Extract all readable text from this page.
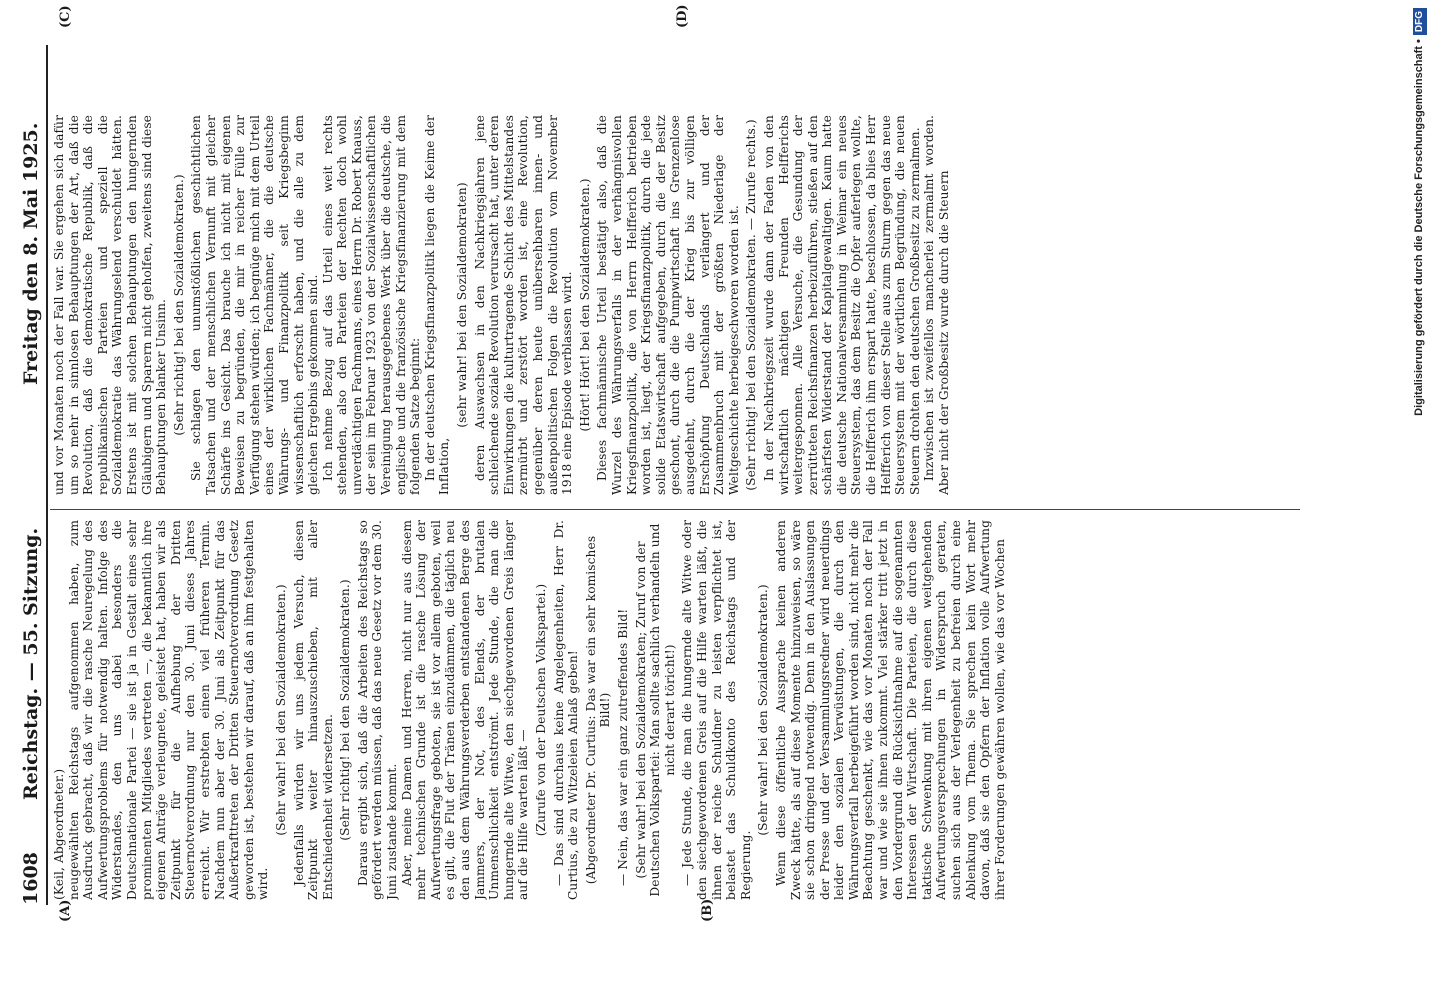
1608
Reichstag. — 55. Sitzung.
Freitag den 8. Mai 1925.
(A)	(B)
(C)	(D)

(Keil, Abgeordneter.) neugewählten Reichstags aufgenommen haben, zum Ausdruck gebracht, daß wir die rasche Neuregelung des Aufwertungsproblems für notwendig halten. Infolge des Widerstandes, den uns dabei besonders die Deutschnationale Partei — sie ist ja in Gestalt eines sehr prominenten Mitgliedes vertreten —, die bekanntlich ihre eigenen Anträge verleugnete, geleistet hat, haben wir als Zeitpunkt für die Aufhebung der Dritten Steuernotverordnung nur den 30. Juni dieses Jahres erreicht. Wir erstrebten einen viel früheren Termin. Nachdem nun aber der 30. Juni als Zeitpunkt für das Außerkrafttreten der Dritten Steuernotverordnung Gesetz geworden ist, bestehen wir darauf, daß an ihm festgehalten wird.

(Sehr wahr! bei den Sozialdemokraten.) Jedenfalls würden wir uns jedem Versuch, diesen Zeitpunkt weiter hinauszuschieben, mit aller Entschiedenheit widersetzen. (Sehr richtig! bei den Sozialdemokraten.) Daraus ergibt sich, daß die Arbeiten des Reichstags so gefördert werden müssen, daß das neue Gesetz vor dem 30. Juni zustande kommt. Aber, meine Damen und Herren, nicht nur aus diesem mehr technischen Grunde ist die rasche Lösung der Aufwertungsfrage geboten, sie ist vor allem geboten, weil es gilt, die Flut der Tränen einzudämmen, die täglich neu den aus dem Währungsverderben entstandenen Berge des Jammers, der Not, des Elends, der brutalen Unmenschlichkeit entströmt. Jede Stunde, die man die hungernde alte Witwe, den siechgewordenen Greis länger auf die Hilfe warten läßt — (Zurufe von der Deutschen Volkspartei.) — Das sind durchaus keine Angelegenheiten, Herr Dr. Curtius, die zu Witzeleien Anlaß geben! (Abgeordneter Dr. Curtius: Das war ein sehr komisches Bild!) — Nein, das war ein ganz zutreffendes Bild! (Sehr wahr! bei den Sozialdemokraten; Zuruf von der Deutschen Volkspartei: Man sollte sachlich verhandeln und nicht derart töricht!) — Jede Stunde, die man die hungernde alte Witwe oder den siechgewordenen Greis auf die Hilfe warten läßt, die ihnen der reiche Schuldner zu leisten verpflichtet ist, belastet das Schuldkonto des Reichstags und der Regierung.

(Sehr wahr! bei den Sozialdemokraten.) Wenn diese öffentliche Aussprache keinen anderen Zweck hätte, als auf diese Momente hinzuweisen, so wäre sie schon dringend notwendig. Denn in den Auslassungen der Presse und der Versammlungsredner wird neuerdings leider den sozialen Verwüstungen, die durch den Währungsverfall herbeigeführt worden sind, nicht mehr die Beachtung geschenkt, wie das vor Monaten noch der Fall war und wie sie ihnen zukommt. Viel stärker tritt jetzt in den Vordergrund die Rücksichtnahme auf die sogenannten Interessen der Wirtschaft. Die Parteien, die durch diese taktische Schwenkung mit ihren eigenen weitgehenden Aufwertungsversprechungen in Widerspruch geraten, suchen sich aus der Verlegenheit zu befreien durch eine Ablenkung vom Thema. Sie sprechen kein Wort mehr davon, daß sie den Opfern der Inflation volle Aufwertung ihrer Forderungen gewähren wollen, wie das vor Wochen

und vor Monaten noch der Fall war. Sie ergehen sich dafür um so mehr in sinnlosen Behauptungen der Art, daß die Revolution, daß die demokratische Republik, daß die republikanischen Parteien und speziell die Sozialdemokratie das Währungselend verschuldet hätten. Erstens ist mit solchen Behauptungen den hungernden Gläubigern und Sparern nicht geholfen, zweitens sind diese Behauptungen blanker Unsinn. (Sehr richtig! bei den Sozialdemokraten.) Sie schlagen den unumstößlichen geschichtlichen Tatsachen und der menschlichen Vernunft mit gleicher Schärfe ins Gesicht. Das brauche ich nicht mit eigenen Beweisen zu begründen, die mir in reicher Fülle zur Verfügung stehen würden; ich begnüge mich mit dem Urteil eines der wirklichen Fachmänner, die die deutsche Währungs- und Finanzpolitik seit Kriegsbeginn wissenschaftlich erforscht haben, und die alle zu dem gleichen Ergebnis gekommen sind. Ich nehme Bezug auf das Urteil eines weit rechts stehenden, also den Parteien der Rechten doch wohl unverdächtigen Fachmanns, eines Herrn Dr. Robert Knauss, der sein im Februar 1923 von der Sozialwissenschaftlichen Vereinigung herausgegebenes Werk über die deutsche, die englische und die französische Kriegsfinanzierung mit dem folgenden Satze beginnt: In der deutschen Kriegsfinanzpolitik liegen die Keime der Inflation,

(sehr wahr! bei den Sozialdemokraten) deren Auswachsen in den Nachkriegsjahren jene schleichende soziale Revolution verursacht hat, unter deren Einwirkungen die kulturtragende Schicht des Mittelstandes zermürbt und zerstört worden ist, eine Revolution, gegenüber deren heute unübersehbaren innen- und außenpolitischen Folgen die Revolution vom November 1918 eine Episode verblassen wird. (Hört! Hört! bei den Sozialdemokraten.) Dieses fachmännische Urteil bestätigt also, daß die Wurzel des Währungsverfalls in der verhängnisvollen Kriegsfinanzpolitik, die von Herrn Helfferich betrieben worden ist, liegt, der Kriegsfinanzpolitik, durch die jede solide Etatswirtschaft aufgegeben, durch die der Besitz geschont, durch die die Pumpwirtschaft ins Grenzenlose ausgedehnt, durch die der Krieg bis zur völligen Erschöpfung Deutschlands verlängert und der Zusammenbruch mit der größten Niederlage der Weltgeschichte herbeigeschworen worden ist. (Sehr richtig! bei den Sozialdemokraten. — Zurufe rechts.) In der Nachkriegszeit wurde dann der Faden von den wirtschaftlich mächtigen Freunden Helfferichs weitergesponnen. Alle Versuche, die Gesundung der zerrütteten Reichsfinanzen herbeizuführen, stießen auf den schärfsten Widerstand der Kapitalgewaltigen. Kaum hatte die deutsche Nationalversammlung in Weimar ein neues Steuersystem, das dem Besitz die Opfer auferlegen wollte, die Helfferich ihm erspart hatte, beschlossen, da blies Herr Helfferich von dieser Stelle aus zum Sturm gegen das neue Steuersystem mit der wörtlichen Begründung, die neuen Steuern drohten den deutschen Großbesitz zu zermalmen. Inzwischen ist zweifellos mancherlei zermalmt worden. Aber nicht der Großbesitz wurde durch die Steuern	Digitalisierung gefördert durch die Deutsche Forschungsgemeinschaft •DFG
